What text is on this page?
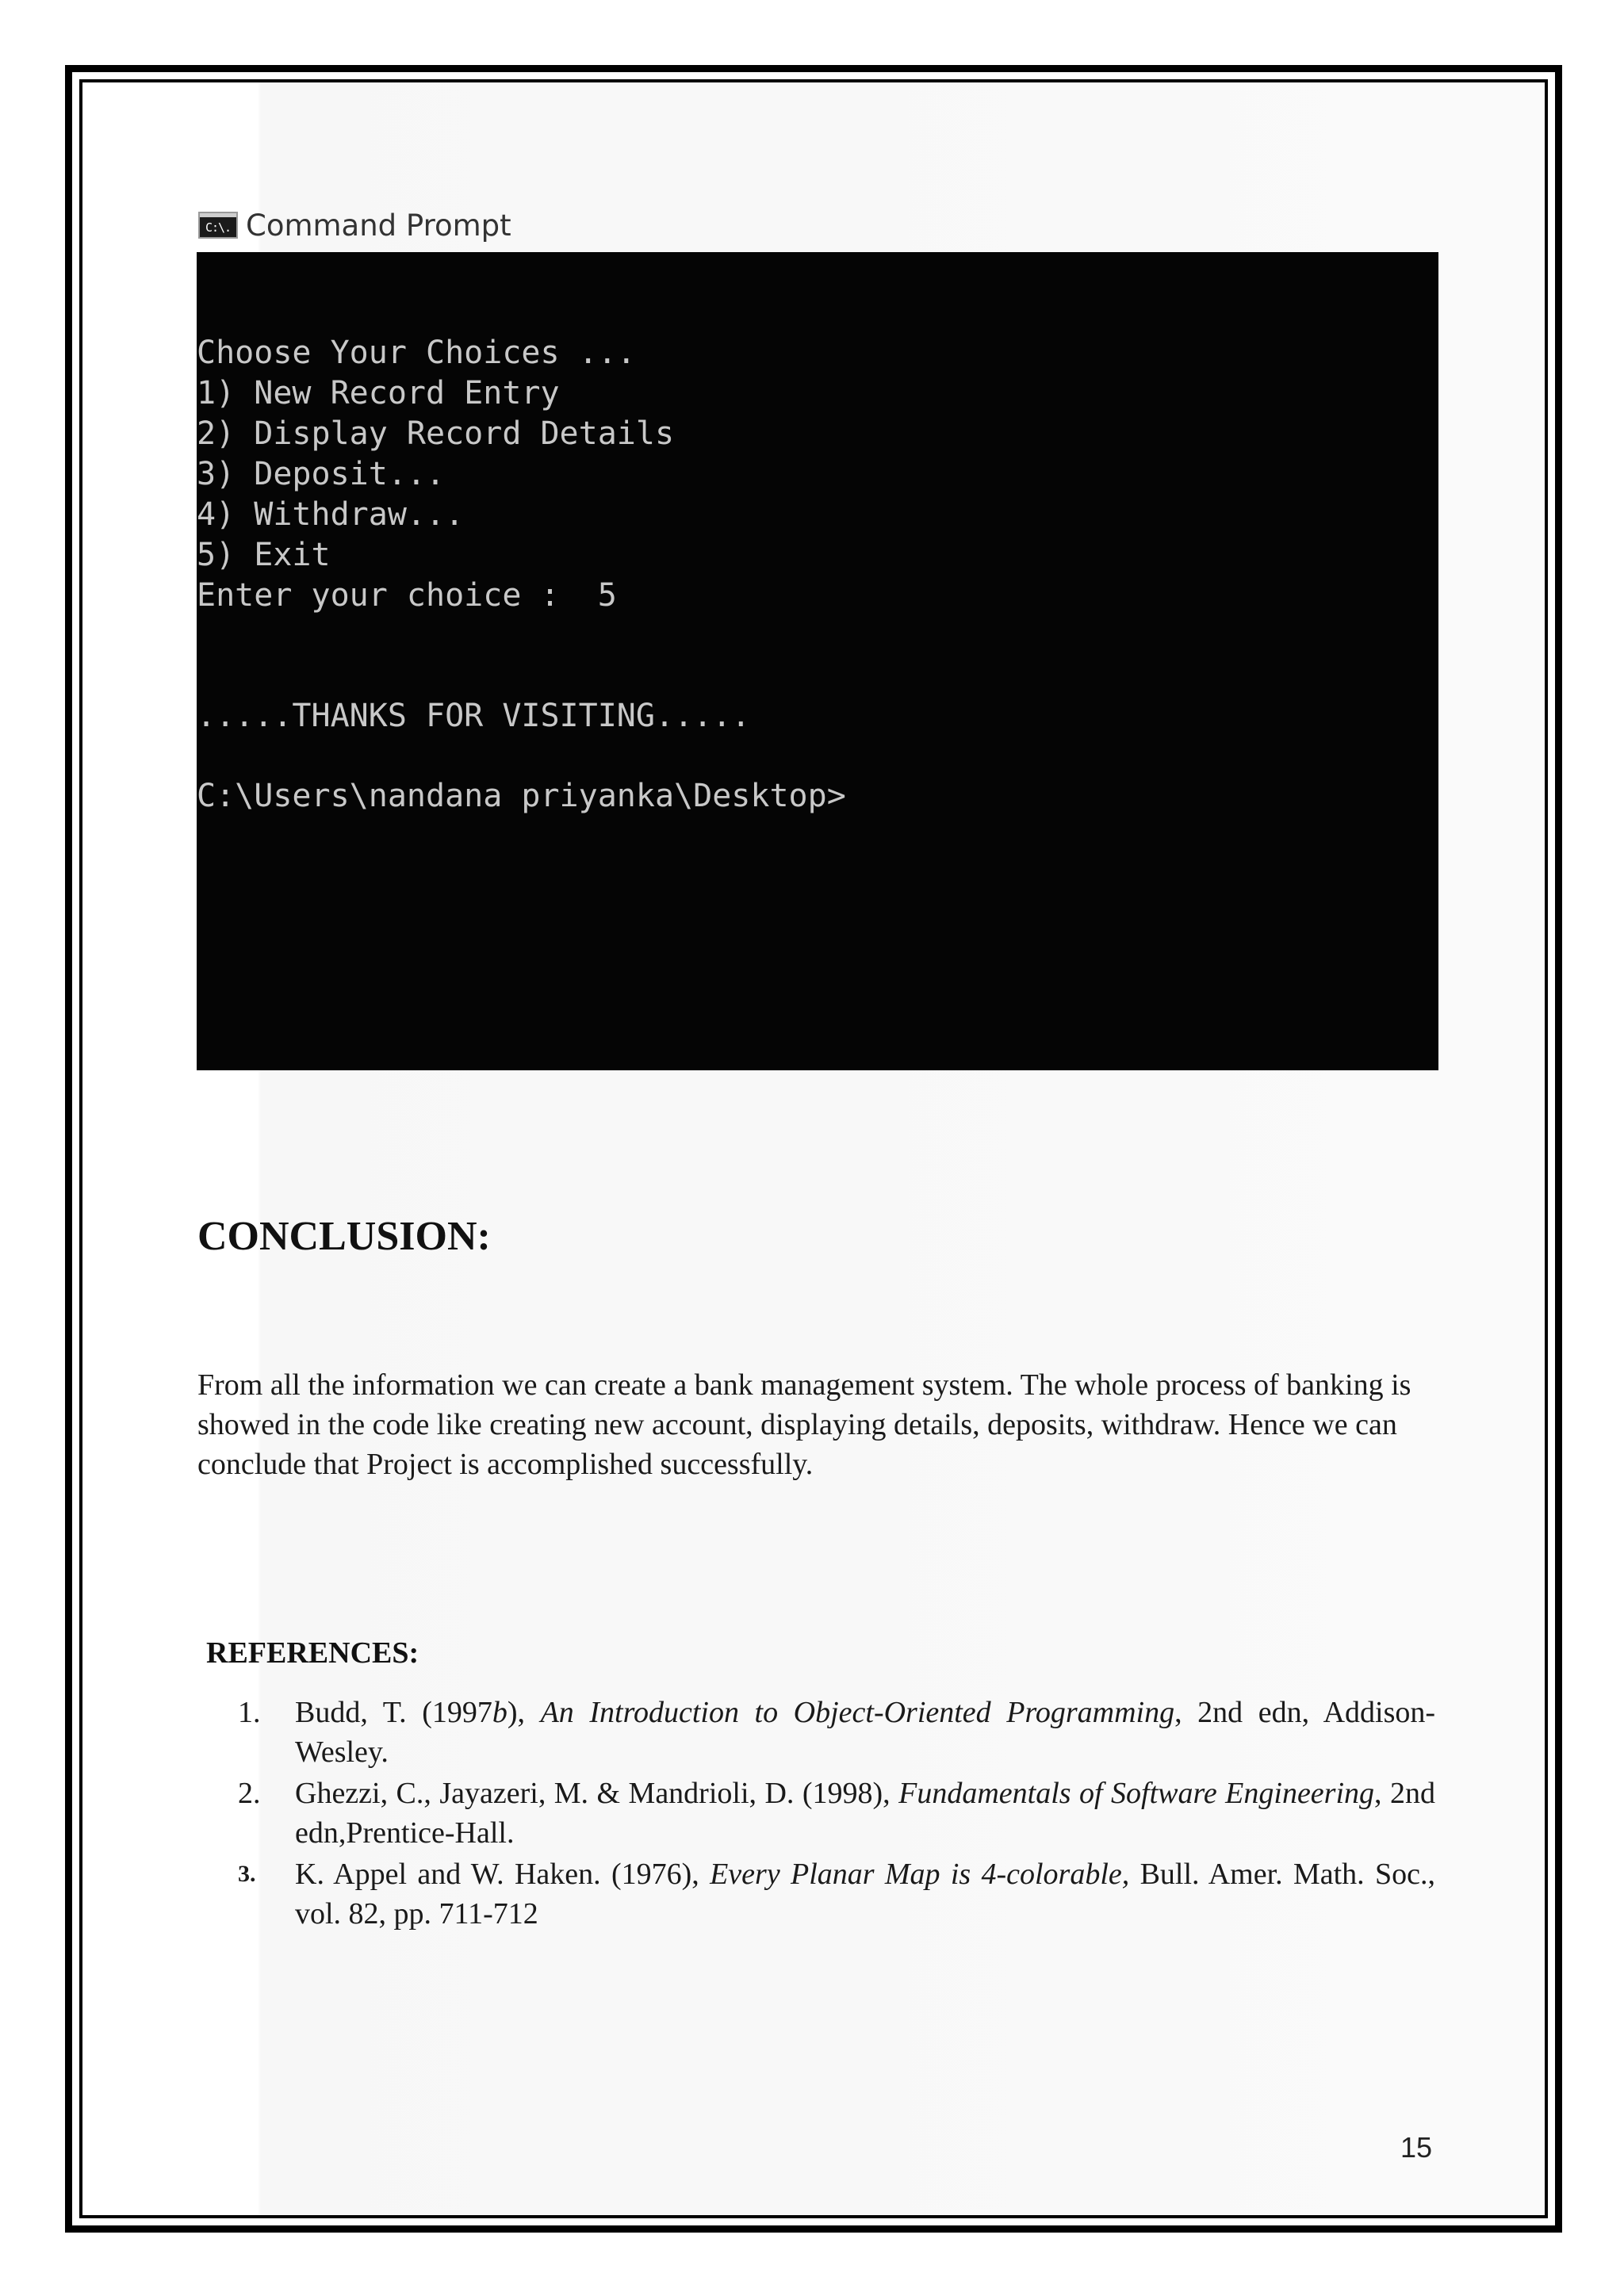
C:\. Command Prompt
Choose Your Choices ...
1) New Record Entry
2) Display Record Details
3) Deposit...
4) Withdraw...
5) Exit
Enter your choice :  5
.....THANKS FOR VISITING.....
C:\Users\nandana priyanka\Desktop>
CONCLUSION:
From all the information we can create a bank management system. The whole process of banking is showed in the code like creating new account, displaying details, deposits, withdraw. Hence we can conclude that Project is accomplished successfully.
REFERENCES:
1.	Budd, T. (1997b), An Introduction to Object-Oriented Programming, 2nd edn, Addison-Wesley.
2.	Ghezzi, C., Jayazeri, M. & Mandrioli, D. (1998), Fundamentals of Software Engineering, 2nd edn,Prentice-Hall.
3.	K. Appel and W. Haken. (1976), Every Planar Map is 4-colorable, Bull. Amer. Math. Soc., vol. 82, pp. 711-712
15
